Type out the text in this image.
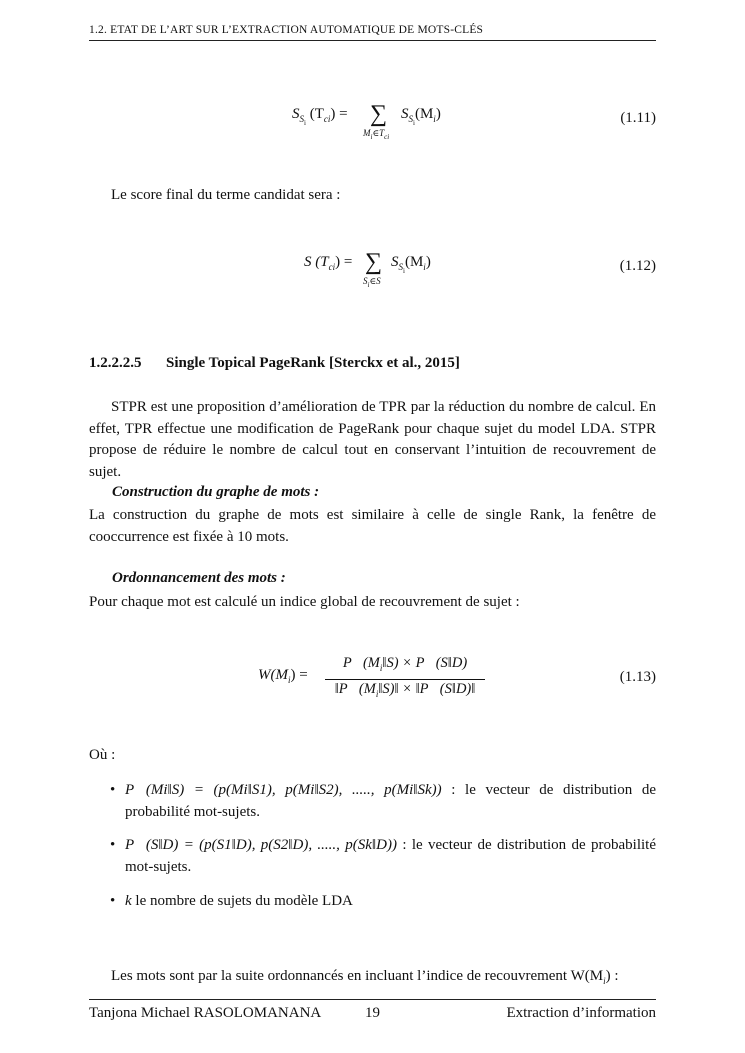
1.2. ETAT DE L’ART SUR L’EXTRACTION AUTOMATIQUE DE MOTS-CLÉS
$S_{S_i}$ $(T_{ci})$ = ∑
$M_i\in T_{ci}$
$S_{S_i}(M_i)$	(1.11)
Le score final du terme candidat sera :
S $(T_{ci})$ = ∑
$S_i\in S$
$S_{S_i}(M_i)$	(1.12)
1.2.2.2.5 Single Topical PageRank [Sterckx et al., 2015]
STPR est une proposition d’amélioration de TPR par la réduction du nombre de calcul. En effet, TPR effectue une modification de PageRank pour chaque sujet du model LDA. STPR propose de réduire le nombre de calcul tout en conservant l’intuition de recouvrement de sujet.
Construction du graphe de mots :
La construction du graphe de mots est similaire à celle de single Rank, la fenêtre de cooccurrence est fixée à 10 mots.
Ordonnancement des mots :
Pour chaque mot est calculé un indice global de recouvrement de sujet :
$W(M_i)$ =
$P⃗(M_i‖S)$ × P⃗(S‖D)
$‖P⃗(M_i‖S)‖$ × ‖P⃗(S‖D)‖
(1.13)
Où :
• P⃗(Mi‖S) = (p(Mi‖S1), p(Mi‖S2), ....., p(Mi‖Sk)) : le vecteur de distribution de probabilité mot-sujets.
• P⃗(S‖D) = (p(S1‖D), p(S2‖D), ....., p(Sk‖D)) : le vecteur de distribution de probabilité mot-sujets.
• k le nombre de sujets du modèle LDA
Les mots sont par la suite ordonnancés en incluant l’indice de recouvrement $W(M_i)$ :
Tanjona Michael RASOLOMANANA	19	Extraction d’information
